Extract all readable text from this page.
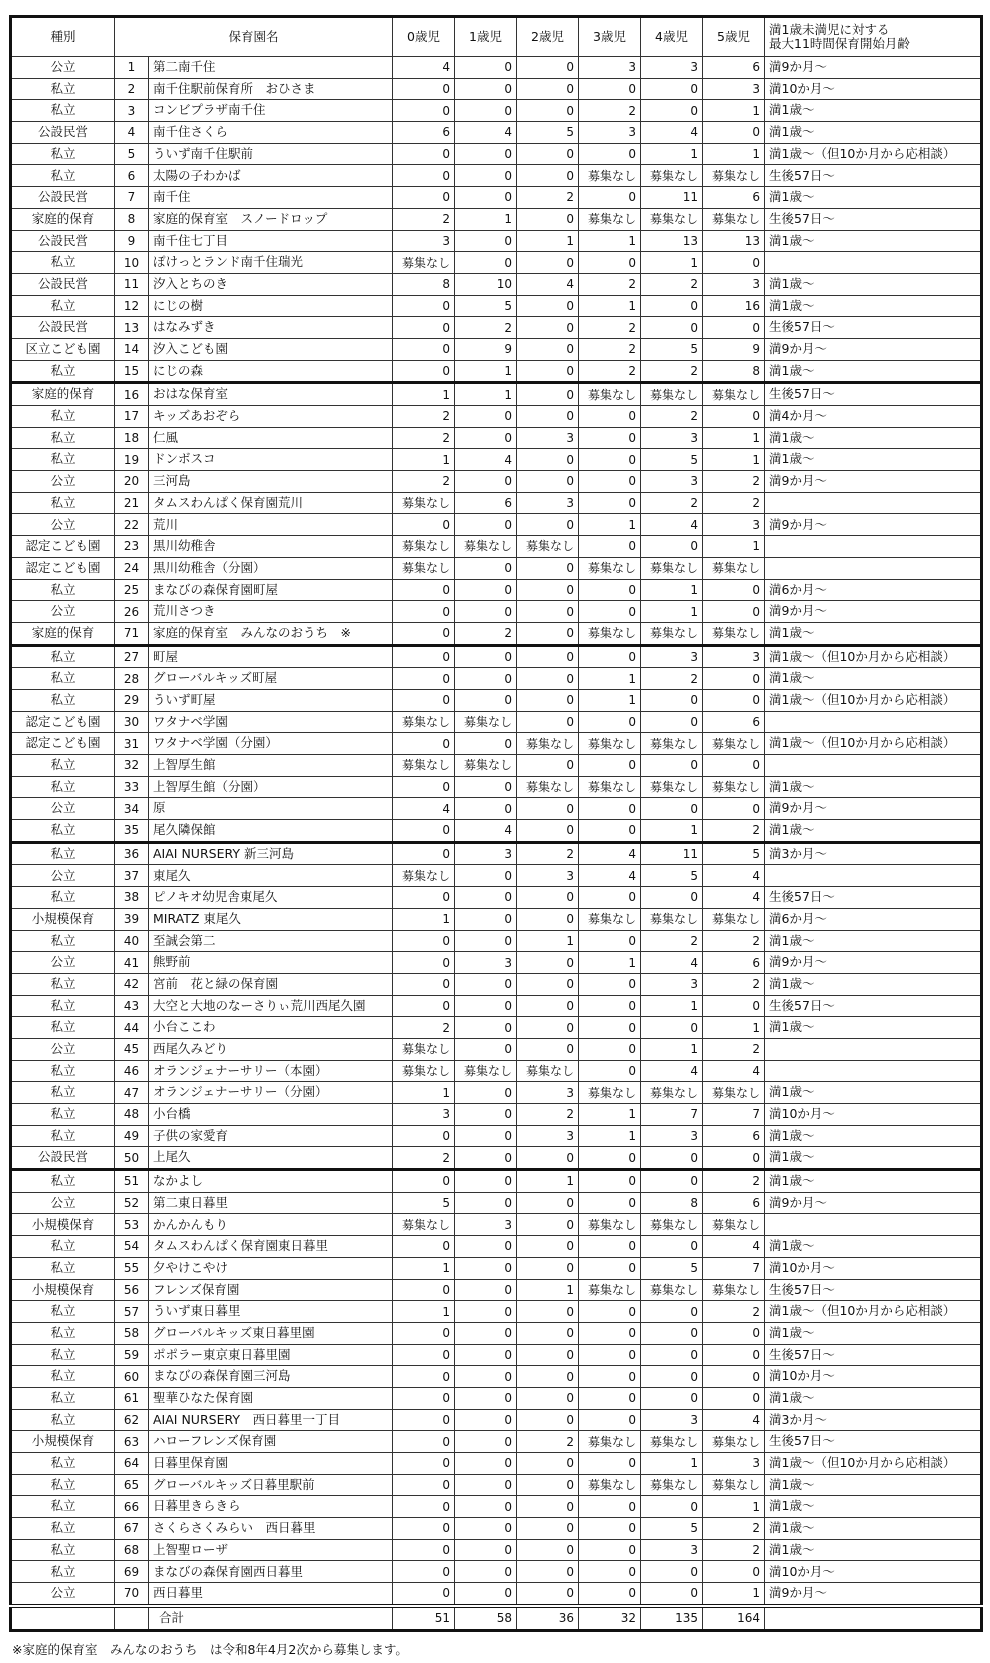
種別	保育園名		0歳児	1歳児	2歳児	3歳児	4歳児	5歳児	満1歳未満児に対する
最大11時間保育開始月齢
公立	1	第二南千住	4	0	0	3	3	6	満9か月～
私立	2	南千住駅前保育所　おひさま	0	0	0	0	0	3	満10か月～
私立	3	コンビプラザ南千住	0	0	0	2	0	1	満1歳～
公設民営	4	南千住さくら	6	4	5	3	4	0	満1歳～
私立	5	ういず南千住駅前	0	0	0	0	1	1	満1歳～（但10か月から応相談）
私立	6	太陽の子わかば	0	0	0	募集なし	募集なし	募集なし	生後57日～
公設民営	7	南千住	0	0	2	0	11	6	満1歳～
家庭的保育	8	家庭的保育室　スノードロップ	2	1	0	募集なし	募集なし	募集なし	生後57日～
公設民営	9	南千住七丁目	3	0	1	1	13	13	満1歳～
私立	10	ぽけっとランド南千住瑞光	募集なし	0	0	0	1	0	
公設民営	11	汐入とちのき	8	10	4	2	2	3	満1歳～
私立	12	にじの樹	0	5	0	1	0	16	満1歳～
公設民営	13	はなみずき	0	2	0	2	0	0	生後57日～
区立こども園	14	汐入こども園	0	9	0	2	5	9	満9か月～
私立	15	にじの森	0	1	0	2	2	8	満1歳～
家庭的保育	16	おはな保育室	1	1	0	募集なし	募集なし	募集なし	生後57日～
私立	17	キッズあおぞら	2	0	0	0	2	0	満4か月～
私立	18	仁風	2	0	3	0	3	1	満1歳～
私立	19	ドンボスコ	1	4	0	0	5	1	満1歳～
公立	20	三河島	2	0	0	0	3	2	満9か月～
私立	21	タムスわんぱく保育園荒川	募集なし	6	3	0	2	2	
公立	22	荒川	0	0	0	1	4	3	満9か月～
認定こども園	23	黒川幼稚舎	募集なし	募集なし	募集なし	0	0	1	
認定こども園	24	黒川幼稚舎（分園）	募集なし	0	0	募集なし	募集なし	募集なし	
私立	25	まなびの森保育園町屋	0	0	0	0	1	0	満6か月～
公立	26	荒川さつき	0	0	0	0	1	0	満9か月～
家庭的保育	71	家庭的保育室　みんなのおうち　※	0	2	0	募集なし	募集なし	募集なし	満1歳～
私立	27	町屋	0	0	0	0	3	3	満1歳～（但10か月から応相談）
私立	28	グローバルキッズ町屋	0	0	0	1	2	0	満1歳～
私立	29	ういず町屋	0	0	0	1	0	0	満1歳～（但10か月から応相談）
認定こども園	30	ワタナベ学園	募集なし	募集なし	0	0	0	6	
認定こども園	31	ワタナベ学園（分園）	0	0	募集なし	募集なし	募集なし	募集なし	満1歳～（但10か月から応相談）
私立	32	上智厚生館	募集なし	募集なし	0	0	0	0	
私立	33	上智厚生館（分園）	0	0	募集なし	募集なし	募集なし	募集なし	満1歳～
公立	34	原	4	0	0	0	0	0	満9か月～
私立	35	尾久隣保館	0	4	0	0	1	2	満1歳～
私立	36	AIAI NURSERY 新三河島	0	3	2	4	11	5	満3か月～
公立	37	東尾久	募集なし	0	3	4	5	4	
私立	38	ピノキオ幼児舎東尾久	0	0	0	0	0	4	生後57日～
小規模保育	39	MIRATZ 東尾久	1	0	0	募集なし	募集なし	募集なし	満6か月～
私立	40	至誠会第二	0	0	1	0	2	2	満1歳～
公立	41	熊野前	0	3	0	1	4	6	満9か月～
私立	42	宮前　花と緑の保育園	0	0	0	0	3	2	満1歳～
私立	43	大空と大地のなーさりぃ荒川西尾久園	0	0	0	0	1	0	生後57日～
私立	44	小台ここわ	2	0	0	0	0	1	満1歳～
公立	45	西尾久みどり	募集なし	0	0	0	1	2	
私立	46	オランジェナーサリー（本園）	募集なし	募集なし	募集なし	0	4	4	
私立	47	オランジェナーサリー（分園）	1	0	3	募集なし	募集なし	募集なし	満1歳～
私立	48	小台橋	3	0	2	1	7	7	満10か月～
私立	49	子供の家愛育	0	0	3	1	3	6	満1歳～
公設民営	50	上尾久	2	0	0	0	0	0	満1歳～
私立	51	なかよし	0	0	1	0	0	2	満1歳～
公立	52	第二東日暮里	5	0	0	0	8	6	満9か月～
小規模保育	53	かんかんもり	募集なし	3	0	募集なし	募集なし	募集なし	
私立	54	タムスわんぱく保育園東日暮里	0	0	0	0	0	4	満1歳～
私立	55	夕やけこやけ	1	0	0	0	5	7	満10か月～
小規模保育	56	フレンズ保育園	0	0	1	募集なし	募集なし	募集なし	生後57日～
私立	57	ういず東日暮里	1	0	0	0	0	2	満1歳～（但10か月から応相談）
私立	58	グローバルキッズ東日暮里園	0	0	0	0	0	0	満1歳～
私立	59	ポポラー東京東日暮里園	0	0	0	0	0	0	生後57日～
私立	60	まなびの森保育園三河島	0	0	0	0	0	0	満10か月～
私立	61	聖華ひなた保育園	0	0	0	0	0	0	満1歳～
私立	62	AIAI NURSERY　西日暮里一丁目	0	0	0	0	3	4	満3か月～
小規模保育	63	ハローフレンズ保育園	0	0	2	募集なし	募集なし	募集なし	生後57日～
私立	64	日暮里保育園	0	0	0	0	1	3	満1歳～（但10か月から応相談）
私立	65	グローバルキッズ日暮里駅前	0	0	0	募集なし	募集なし	募集なし	満1歳～
私立	66	日暮里きらきら	0	0	0	0	0	1	満1歳～
私立	67	さくらさくみらい　西日暮里	0	0	0	0	5	2	満1歳～
私立	68	上智聖ローザ	0	0	0	0	3	2	満1歳～
私立	69	まなびの森保育園西日暮里	0	0	0	0	0	0	満10か月～
公立	70	西日暮里	0	0	0	0	0	1	満9か月～
		合計	51	58	36	32	135	164	
※家庭的保育室　みんなのおうち　は令和8年4月2次から募集します。
